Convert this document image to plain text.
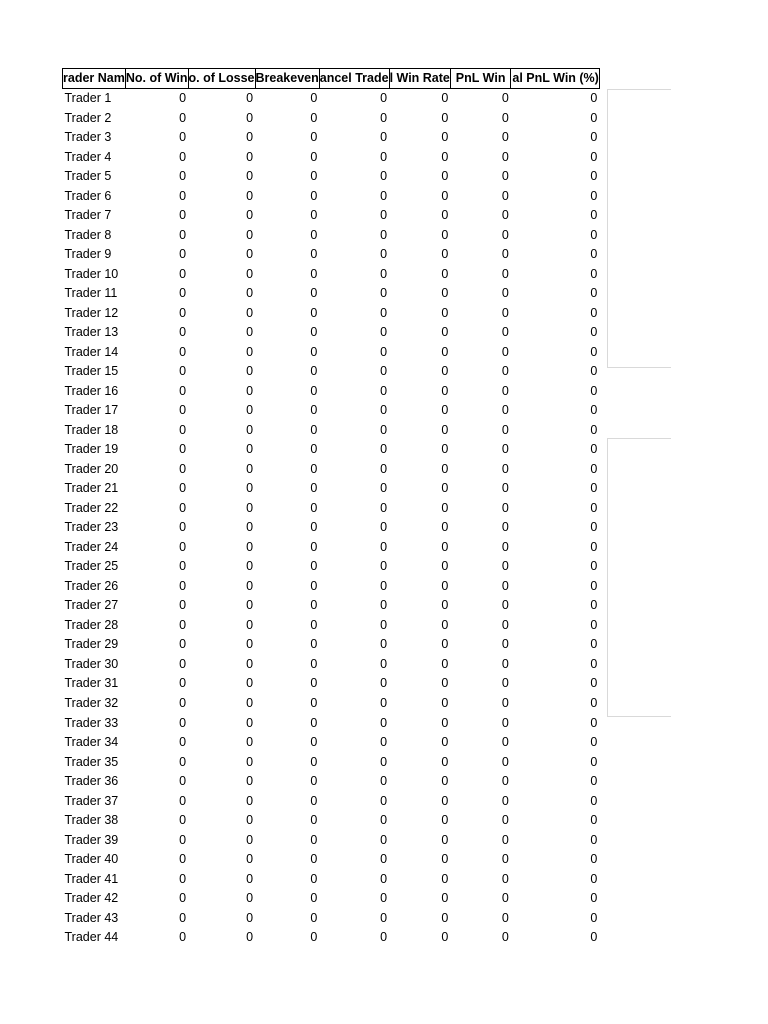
rader Nam	No. of Win	o. of Losse	Breakeven	ancel Trade	l Win Rate	PnL Win	al PnL Win (%)

Trader 1	0	0	0	0	0	0	0
Trader 2	0	0	0	0	0	0	0
Trader 3	0	0	0	0	0	0	0
Trader 4	0	0	0	0	0	0	0
Trader 5	0	0	0	0	0	0	0
Trader 6	0	0	0	0	0	0	0
Trader 7	0	0	0	0	0	0	0
Trader 8	0	0	0	0	0	0	0
Trader 9	0	0	0	0	0	0	0
Trader 10	0	0	0	0	0	0	0
Trader 11	0	0	0	0	0	0	0
Trader 12	0	0	0	0	0	0	0
Trader 13	0	0	0	0	0	0	0
Trader 14	0	0	0	0	0	0	0
Trader 15	0	0	0	0	0	0	0
Trader 16	0	0	0	0	0	0	0
Trader 17	0	0	0	0	0	0	0
Trader 18	0	0	0	0	0	0	0
Trader 19	0	0	0	0	0	0	0
Trader 20	0	0	0	0	0	0	0
Trader 21	0	0	0	0	0	0	0
Trader 22	0	0	0	0	0	0	0
Trader 23	0	0	0	0	0	0	0
Trader 24	0	0	0	0	0	0	0
Trader 25	0	0	0	0	0	0	0
Trader 26	0	0	0	0	0	0	0
Trader 27	0	0	0	0	0	0	0
Trader 28	0	0	0	0	0	0	0
Trader 29	0	0	0	0	0	0	0
Trader 30	0	0	0	0	0	0	0
Trader 31	0	0	0	0	0	0	0
Trader 32	0	0	0	0	0	0	0
Trader 33	0	0	0	0	0	0	0
Trader 34	0	0	0	0	0	0	0
Trader 35	0	0	0	0	0	0	0
Trader 36	0	0	0	0	0	0	0
Trader 37	0	0	0	0	0	0	0
Trader 38	0	0	0	0	0	0	0
Trader 39	0	0	0	0	0	0	0
Trader 40	0	0	0	0	0	0	0
Trader 41	0	0	0	0	0	0	0
Trader 42	0	0	0	0	0	0	0
Trader 43	0	0	0	0	0	0	0
Trader 44	0	0	0	0	0	0	0
